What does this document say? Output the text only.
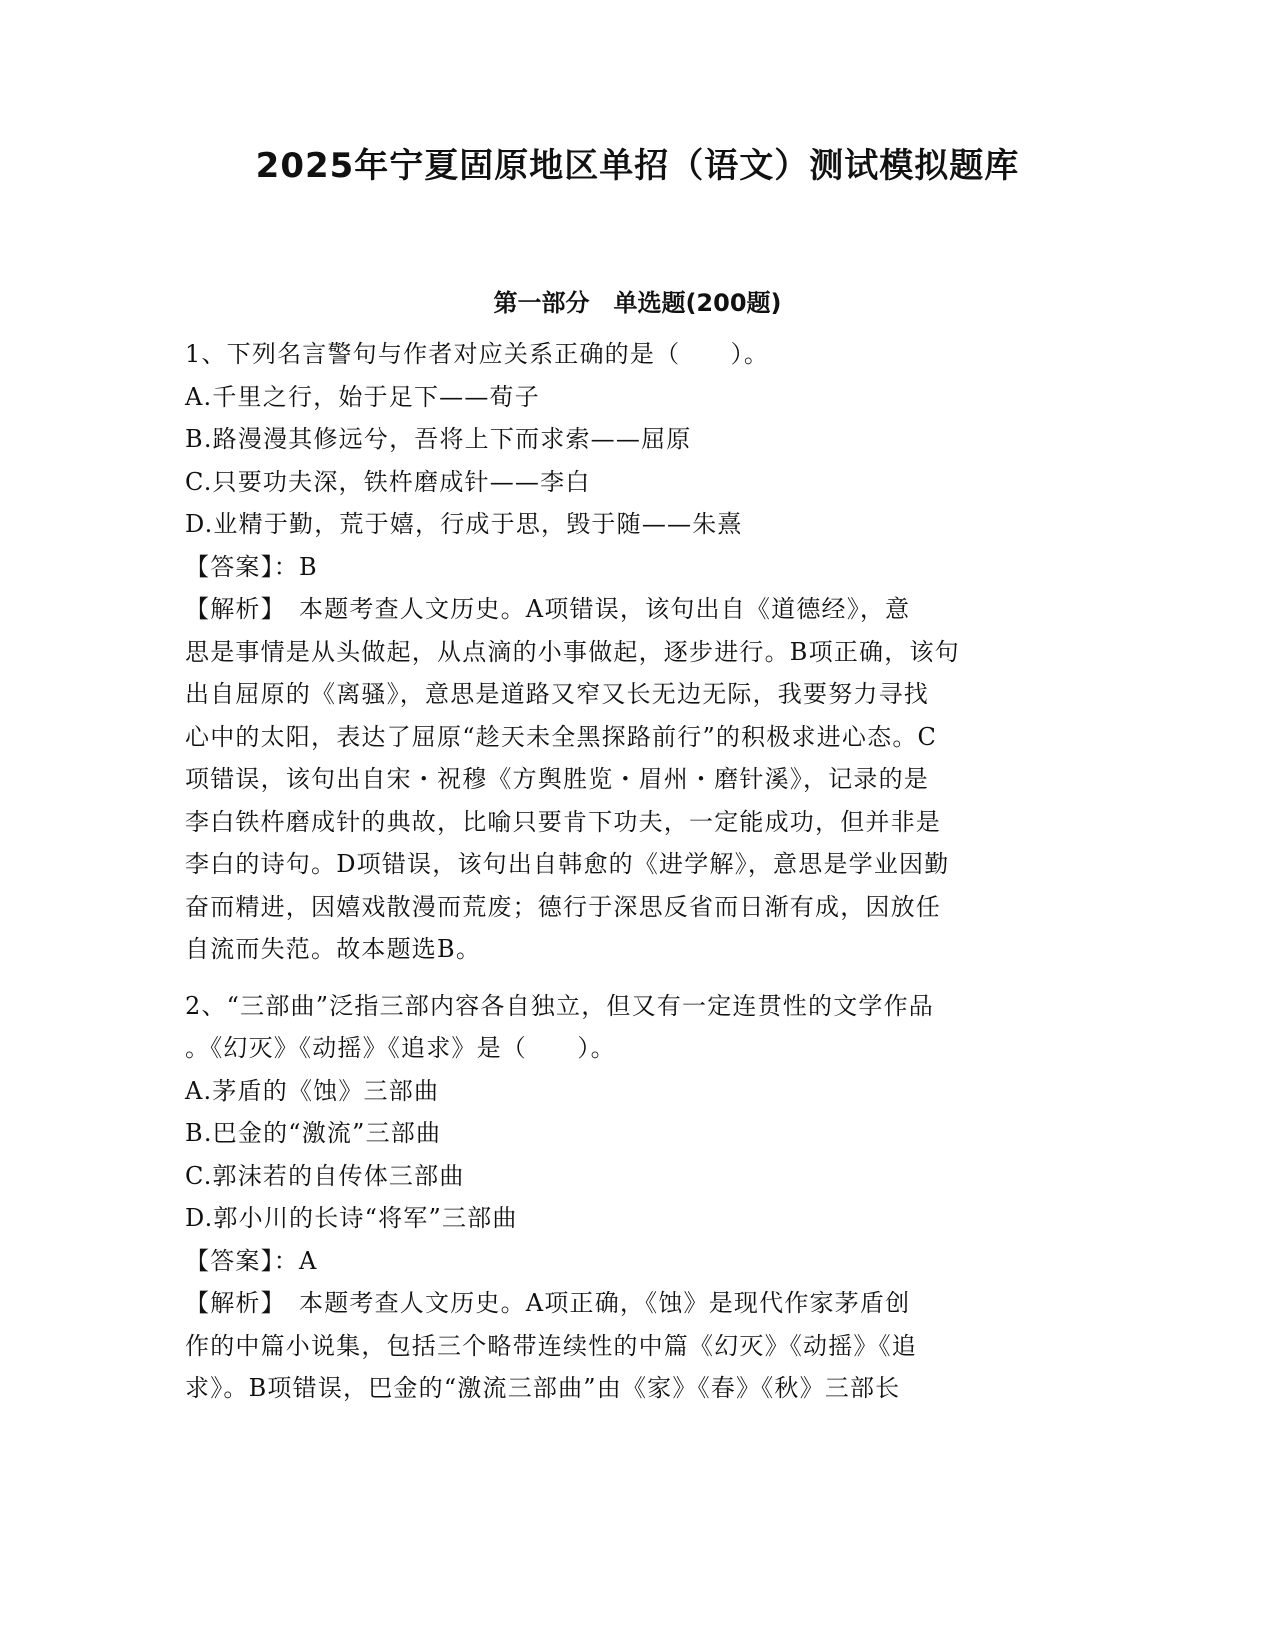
2025年宁夏固原地区单招（语文）测试模拟题库
第一部分　单选题(200题)
1、下列名言警句与作者对应关系正确的是（　　）。
A.千里之行，始于足下——荀子
B.路漫漫其修远兮，吾将上下而求索——屈原
C.只要功夫深，铁杵磨成针——李白
D.业精于勤，荒于嬉，行成于思，毁于随——朱熹
【答案】：B
【解析】　本题考查人文历史。A项错误，该句出自《道德经》，意
思是事情是从头做起，从点滴的小事做起，逐步进行。B项正确，该句
出自屈原的《离骚》，意思是道路又窄又长无边无际，我要努力寻找
心中的太阳，表达了屈原“趁天未全黑探路前行”的积极求进心态。C
项错误，该句出自宋・祝穆《方舆胜览・眉州・磨针溪》，记录的是
李白铁杵磨成针的典故，比喻只要肯下功夫，一定能成功，但并非是
李白的诗句。D项错误，该句出自韩愈的《进学解》，意思是学业因勤
奋而精进，因嬉戏散漫而荒废；德行于深思反省而日渐有成，因放任
自流而失范。故本题选B。
2、“三部曲”泛指三部内容各自独立，但又有一定连贯性的文学作品
。《幻灭》《动摇》《追求》是（　　）。
A.茅盾的《蚀》三部曲
B.巴金的“激流”三部曲
C.郭沫若的自传体三部曲
D.郭小川的长诗“将军”三部曲
【答案】：A
【解析】　本题考查人文历史。A项正确，《蚀》是现代作家茅盾创
作的中篇小说集，包括三个略带连续性的中篇《幻灭》《动摇》《追
求》。B项错误，巴金的“激流三部曲”由《家》《春》《秋》三部长
